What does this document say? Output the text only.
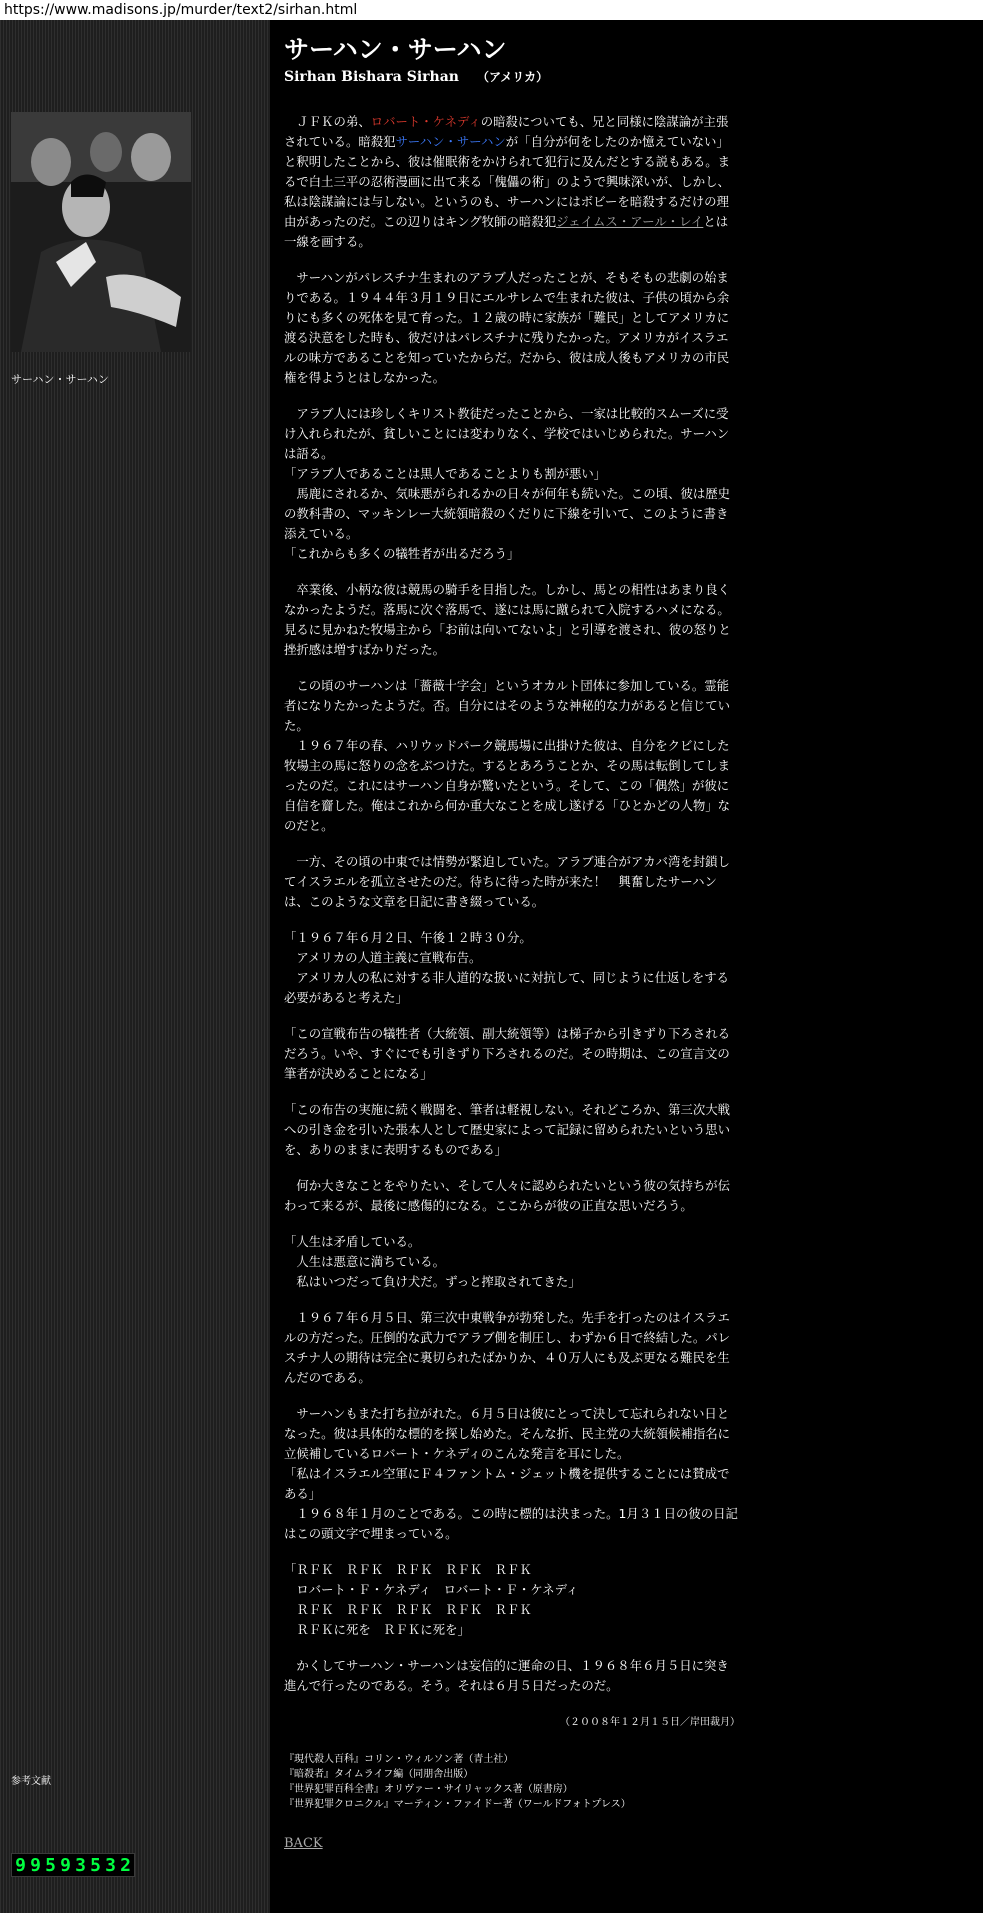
https://www.madisons.jp/murder/text2/sirhan.html
サーハン・サーハン
参考文献
9 9 5 9 3 5 3 2
サーハン・サーハン
Sirhan Bishara Sirhan （アメリカ）

　ＪＦＫの弟、ロバート・ケネディの暗殺についても、兄と同様に陰謀論が主張されている。暗殺犯サーハン・サーハンが「自分が何をしたのか憶えていない」と釈明したことから、彼は催眠術をかけられて犯行に及んだとする説もある。まるで白土三平の忍術漫画に出て来る「傀儡の術」のようで興味深いが、しかし、私は陰謀論には与しない。というのも、サーハンにはボビーを暗殺するだけの理由があったのだ。この辺りはキング牧師の暗殺犯ジェイムス・アール・レイとは一線を画する。

　サーハンがパレスチナ生まれのアラブ人だったことが、そもそもの悲劇の始まりである。１９４４年３月１９日にエルサレムで生まれた彼は、子供の頃から余りにも多くの死体を見て育った。１２歳の時に家族が「難民」としてアメリカに渡る決意をした時も、彼だけはパレスチナに残りたかった。アメリカがイスラエルの味方であることを知っていたからだ。だから、彼は成人後もアメリカの市民権を得ようとはしなかった。

　アラブ人には珍しくキリスト教徒だったことから、一家は比較的スムーズに受け入れられたが、貧しいことには変わりなく、学校ではいじめられた。サーハンは語る。
「アラブ人であることは黒人であることよりも割が悪い」
　馬鹿にされるか、気味悪がられるかの日々が何年も続いた。この頃、彼は歴史の教科書の、マッキンレー大統領暗殺のくだりに下線を引いて、このように書き添えている。
「これからも多くの犠牲者が出るだろう」

　卒業後、小柄な彼は競馬の騎手を目指した。しかし、馬との相性はあまり良くなかったようだ。落馬に次ぐ落馬で、遂には馬に蹴られて入院するハメになる。見るに見かねた牧場主から「お前は向いてないよ」と引導を渡され、彼の怒りと挫折感は増すばかりだった。

　この頃のサーハンは「薔薇十字会」というオカルト団体に参加している。霊能者になりたかったようだ。否。自分にはそのような神秘的な力があると信じていた。
　１９６７年の春、ハリウッドパーク競馬場に出掛けた彼は、自分をクビにした牧場主の馬に怒りの念をぶつけた。するとあろうことか、その馬は転倒してしまったのだ。これにはサーハン自身が驚いたという。そして、この「偶然」が彼に自信を齎した。俺はこれから何か重大なことを成し遂げる「ひとかどの人物」なのだと。

　一方、その頃の中東では情勢が緊迫していた。アラブ連合がアカバ湾を封鎖してイスラエルを孤立させたのだ。待ちに待った時が来た！　興奮したサーハンは、このような文章を日記に書き綴っている。

「１９６７年６月２日、午後１２時３０分。
　アメリカの人道主義に宣戦布告。
　アメリカ人の私に対する非人道的な扱いに対抗して、同じように仕返しをする必要があると考えた」

「この宣戦布告の犠牲者（大統領、副大統領等）は梯子から引きずり下ろされるだろう。いや、すぐにでも引きずり下ろされるのだ。その時期は、この宣言文の筆者が決めることになる」

「この布告の実施に続く戦闘を、筆者は軽視しない。それどころか、第三次大戦への引き金を引いた張本人として歴史家によって記録に留められたいという思いを、ありのままに表明するものである」

　何か大きなことをやりたい、そして人々に認められたいという彼の気持ちが伝わって来るが、最後に感傷的になる。ここからが彼の正直な思いだろう。

「人生は矛盾している。
　人生は悪意に満ちている。
　私はいつだって負け犬だ。ずっと搾取されてきた」

　１９６７年６月５日、第三次中東戦争が勃発した。先手を打ったのはイスラエルの方だった。圧倒的な武力でアラブ側を制圧し、わずか６日で終結した。パレスチナ人の期待は完全に裏切られたばかりか、４０万人にも及ぶ更なる難民を生んだのである。

　サーハンもまた打ち拉がれた。６月５日は彼にとって決して忘れられない日となった。彼は具体的な標的を探し始めた。そんな折、民主党の大統領候補指名に立候補しているロバート・ケネディのこんな発言を耳にした。
「私はイスラエル空軍にＦ４ファントム・ジェット機を提供することには賛成である」
　１９６８年１月のことである。この時に標的は決まった。1月３１日の彼の日記はこの頭文字で埋まっている。

「ＲＦＫ　ＲＦＫ　ＲＦＫ　ＲＦＫ　ＲＦＫ
　ロバート・Ｆ・ケネディ　ロバート・Ｆ・ケネディ
　ＲＦＫ　ＲＦＫ　ＲＦＫ　ＲＦＫ　ＲＦＫ
　ＲＦＫに死を　ＲＦＫに死を」

　かくしてサーハン・サーハンは妄信的に運命の日、１９６８年６月５日に突き進んで行ったのである。そう。それは６月５日だったのだ。

（２００８年１２月１５日／岸田裁月）
『現代殺人百科』コリン・ウィルソン著（青土社）
『暗殺者』タイムライフ編（同朋舎出版）
『世界犯罪百科全書』オリヴァー・サイリャックス著（原書房）
『世界犯罪クロニクル』マーティン・ファイドー著（ワールドフォトプレス）
BACK
